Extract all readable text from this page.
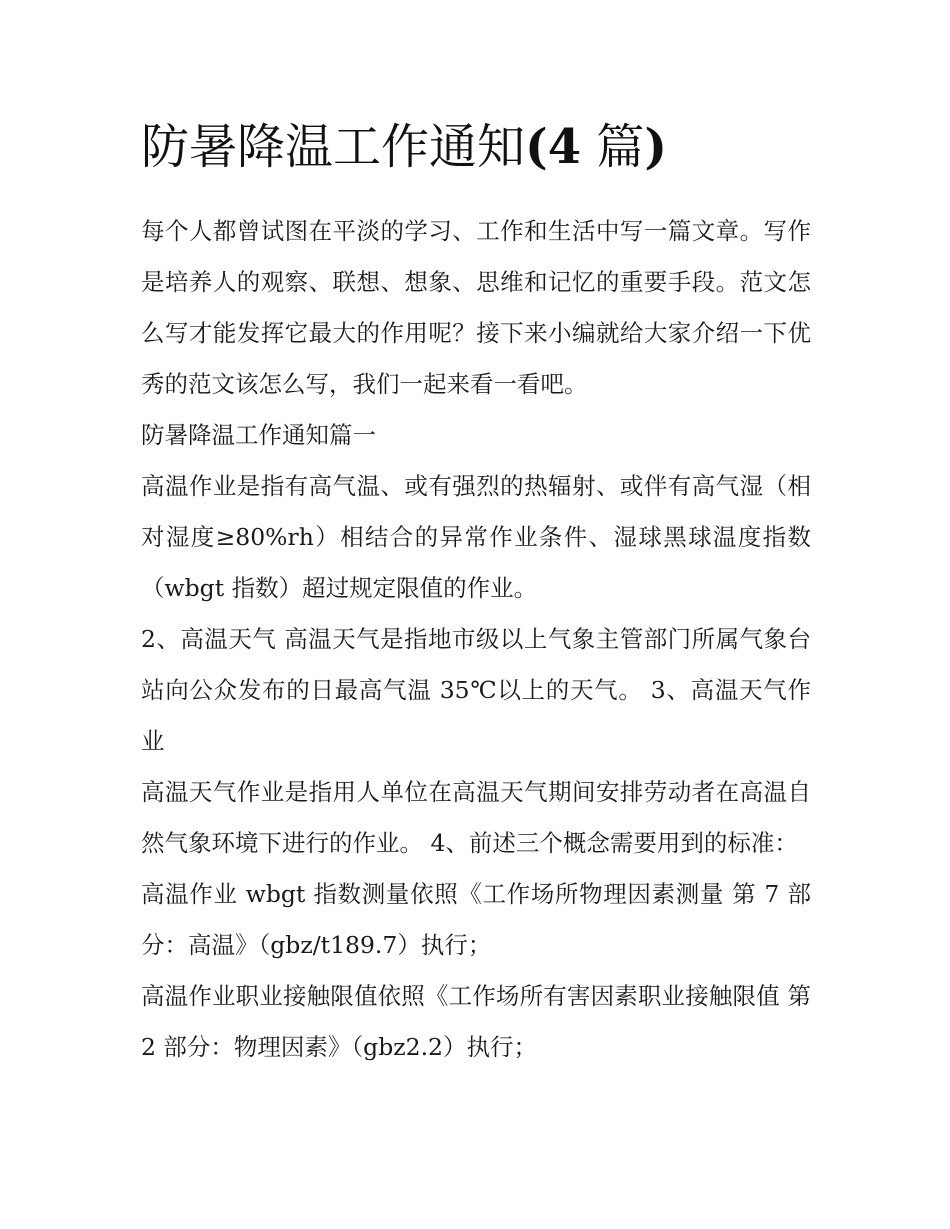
防暑降温工作通知(4 篇)

每个人都曾试图在平淡的学习、工作和生活中写一篇文章。写作是培养人的观察、联想、想象、思维和记忆的重要手段。范文怎么写才能发挥它最大的作用呢？接下来小编就给大家介绍一下优秀的范文该怎么写，我们一起来看一看吧。

防暑降温工作通知篇一

高温作业是指有高气温、或有强烈的热辐射、或伴有高气湿（相对湿度≥80%rh）相结合的异常作业条件、湿球黑球温度指数（wbgt 指数）超过规定限值的作业。

2、高温天气 高温天气是指地市级以上气象主管部门所属气象台站向公众发布的日最高气温 35℃以上的天气。 3、高温天气作业

高温天气作业是指用人单位在高温天气期间安排劳动者在高温自然气象环境下进行的作业。 4、前述三个概念需要用到的标准：

高温作业 wbgt 指数测量依照《工作场所物理因素测量 第 7 部分：高温》（gbz/t189.7）执行；

高温作业职业接触限值依照《工作场所有害因素职业接触限值 第 2 部分：物理因素》（gbz2.2）执行；
